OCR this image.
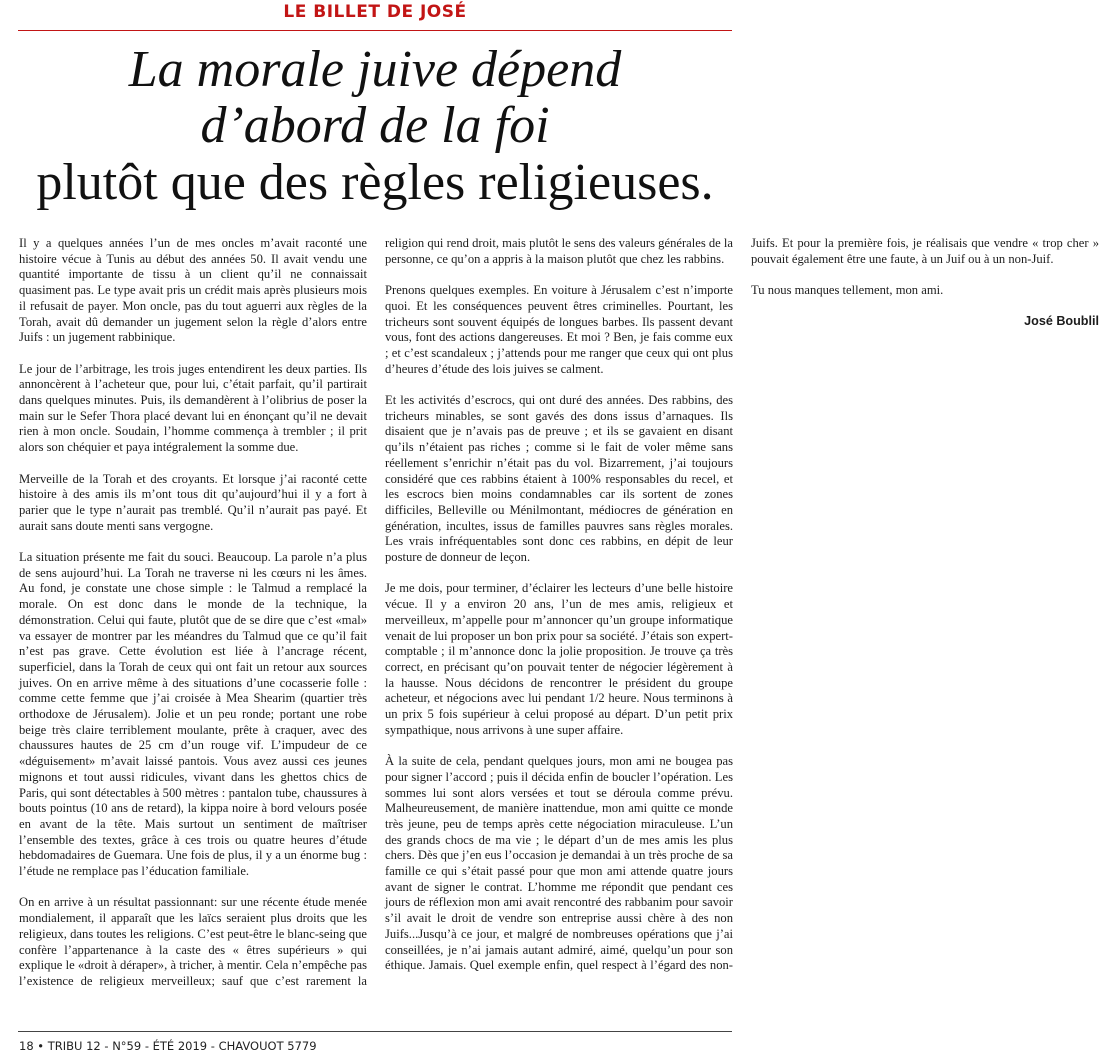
LE BILLET DE JOSÉ
La morale juive dépend
d’abord de la foi
plutôt que des règles religieuses.

Il y a quelques années l’un de mes oncles m’avait raconté une histoire vécue à Tunis au début des années 50. Il avait vendu une quantité importante de tissu à un client qu’il ne connaissait quasiment pas. Le type avait pris un crédit mais après plusieurs mois il refusait de payer. Mon oncle, pas du tout aguerri aux règles de la Torah, avait dû demander un jugement selon la règle d’alors entre Juifs : un jugement rabbinique.

Le jour de l’arbitrage, les trois juges entendirent les deux parties. Ils annoncèrent à l’acheteur que, pour lui, c’était parfait, qu’il partirait dans quelques minutes. Puis, ils demandèrent à l’olibrius de poser la main sur le Sefer Thora placé devant lui en énonçant qu’il ne devait rien à mon oncle. Soudain, l’homme commença à trembler ; il prit alors son chéquier et paya intégralement la somme due.

Merveille de la Torah et des croyants. Et lorsque j’ai raconté cette histoire à des amis ils m’ont tous dit qu’aujourd’hui il y a fort à parier que le type n’aurait pas tremblé. Qu’il n’aurait pas payé. Et aurait sans doute menti sans vergogne.

La situation présente me fait du souci. Beaucoup. La parole n’a plus de sens aujourd’hui. La Torah ne traverse ni les cœurs ni les âmes. Au fond, je constate une chose simple : le Talmud a remplacé la morale. On est donc dans le monde de la technique, la démonstration. Celui qui faute, plutôt que de se dire que c’est «mal» va essayer de montrer par les méandres du Talmud que ce qu’il fait n’est pas grave. Cette évolution est liée à l’ancrage récent, superficiel, dans la Torah de ceux qui ont fait un retour aux sources juives. On en arrive même à des situations d’une cocasserie folle : comme cette femme que j’ai croisée à Mea Shearim (quartier très orthodoxe de Jérusalem). Jolie et un peu ronde; portant une robe beige très claire terriblement moulante, prête à craquer, avec des chaussures hautes de 25 cm d’un rouge vif. L’impudeur de ce «déguisement» m’avait laissé pantois. Vous avez aussi ces jeunes mignons et tout aussi ridicules, vivant dans les ghettos chics de Paris, qui sont détectables à 500 mètres : pantalon tube, chaussures à bouts pointus (10 ans de retard), la kippa noire à bord velours posée en avant de la tête. Mais surtout un sentiment de maîtriser l’ensemble des textes, grâce à ces trois ou quatre heures d’étude hebdomadaires de Guemara. Une fois de plus, il y a un énorme bug : l’étude ne remplace pas l’éducation familiale.

On en arrive à un résultat passionnant: sur une récente étude menée mondialement, il apparaît que les laïcs seraient plus droits que les religieux, dans toutes les religions. C’est peut-être le blanc-seing que confère l’appartenance à la caste des « êtres supérieurs » qui explique le «droit à déraper», à tricher, à mentir. Cela n’empêche pas l’existence de religieux merveilleux; sauf que c’est rarement la religion qui rend droit, mais plutôt le sens des valeurs générales de la personne, ce qu’on a appris à la maison plutôt que chez les rabbins.

Prenons quelques exemples. En voiture à Jérusalem c’est n’importe quoi. Et les conséquences peuvent êtres criminelles. Pourtant, les tricheurs sont souvent équipés de longues barbes. Ils passent devant vous, font des actions dangereuses. Et moi ? Ben, je fais comme eux ; et c’est scandaleux ; j’attends pour me ranger que ceux qui ont plus d’heures d’étude des lois juives se calment.

Et les activités d’escrocs, qui ont duré des années. Des rabbins, des tricheurs minables, se sont gavés des dons issus d’arnaques. Ils disaient que je n’avais pas de preuve ; et ils se gavaient en disant qu’ils n’étaient pas riches ; comme si le fait de voler même sans réellement s’enrichir n’était pas du vol. Bizarrement, j’ai toujours considéré que ces rabbins étaient à 100% responsables du recel, et les escrocs bien moins condamnables car ils sortent de zones difficiles, Belleville ou Ménilmontant, médiocres de génération en génération, incultes, issus de familles pauvres sans règles morales. Les vrais infréquentables sont donc ces rabbins, en dépit de leur posture de donneur de leçon.

Je me dois, pour terminer, d’éclairer les lecteurs d’une belle histoire vécue. Il y a environ 20 ans, l’un de mes amis, religieux et merveilleux, m’appelle pour m’annoncer qu’un groupe informatique venait de lui proposer un bon prix pour sa société. J’étais son expert-comptable ; il m’annonce donc la jolie proposition. Je trouve ça très correct, en précisant qu’on pouvait tenter de négocier légèrement à la hausse. Nous décidons de rencontrer le président du groupe acheteur, et négocions avec lui pendant 1/2 heure. Nous terminons à un prix 5 fois supérieur à celui proposé au départ. D’un petit prix sympathique, nous arrivons à une super affaire.

À la suite de cela, pendant quelques jours, mon ami ne bougea pas pour signer l’accord ; puis il décida enfin de boucler l’opération. Les sommes lui sont alors versées et tout se déroula comme prévu. Malheureusement, de manière inattendue, mon ami quitte ce monde très jeune, peu de temps après cette négociation miraculeuse. L’un des grands chocs de ma vie ; le départ d’un de mes amis les plus chers. Dès que j’en eus l’occasion je demandai à un très proche de sa famille ce qui s’était passé pour que mon ami attende quatre jours avant de signer le contrat. L’homme me répondit que pendant ces jours de réflexion mon ami avait rencontré des rabbanim pour savoir s’il avait le droit de vendre son entreprise aussi chère à des non Juifs...Jusqu’à ce jour, et malgré de nombreuses opérations que j’ai conseillées, je n’ai jamais autant admiré, aimé, quelqu’un pour son éthique. Jamais. Quel exemple enfin, quel respect à l’égard des non-Juifs. Et pour la première fois, je réalisais que vendre « trop cher » pouvait également être une faute, à un Juif ou à un non-Juif.

Tu nous manques tellement, mon ami.

José Boublil

18 • TRIBU 12 - N°59 - ÉTÉ 2019 - CHAVOUOT 5779
